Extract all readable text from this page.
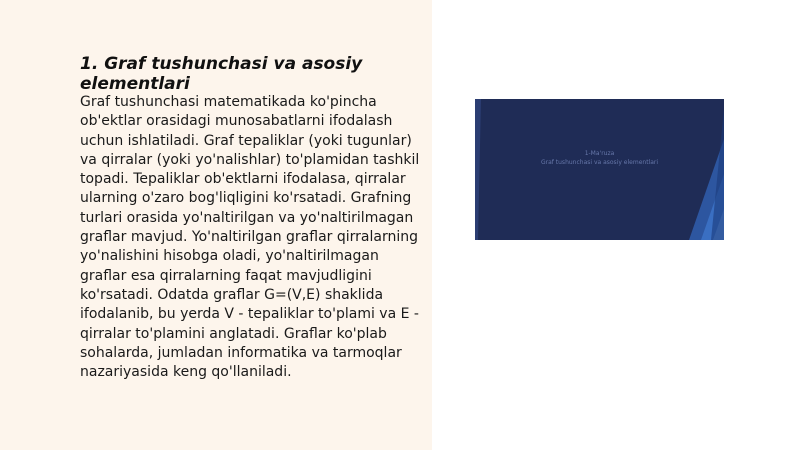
1. Graf tushunchasi va asosiy elementlari

Graf tushunchasi matematikada ko'pincha ob'ektlar orasidagi munosabatlarni ifodalash uchun ishlatiladi. Graf tepaliklar (yoki tugunlar) va qirralar (yoki yo'nalishlar) to'plamidan tashkil topadi. Tepaliklar ob'ektlarni ifodalasa, qirralar ularning o'zaro bog'liqligini ko'rsatadi. Grafning turlari orasida yo'naltirilgan va yo'naltirilmagan graflar mavjud. Yo'naltirilgan graflar qirralarning yo'nalishini hisobga oladi, yo'naltirilmagan graflar esa qirralarning faqat mavjudligini ko'rsatadi. Odatda graflar G=(V,E) shaklida ifodalanib, bu yerda V - tepaliklar to'plami va E - qirralar to'plamini anglatadi. Graflar ko'plab sohalarda, jumladan informatika va tarmoqlar nazariyasida keng qo'llaniladi.

1-Ma'ruza
Graf tushunchasi va asosiy elementlari
